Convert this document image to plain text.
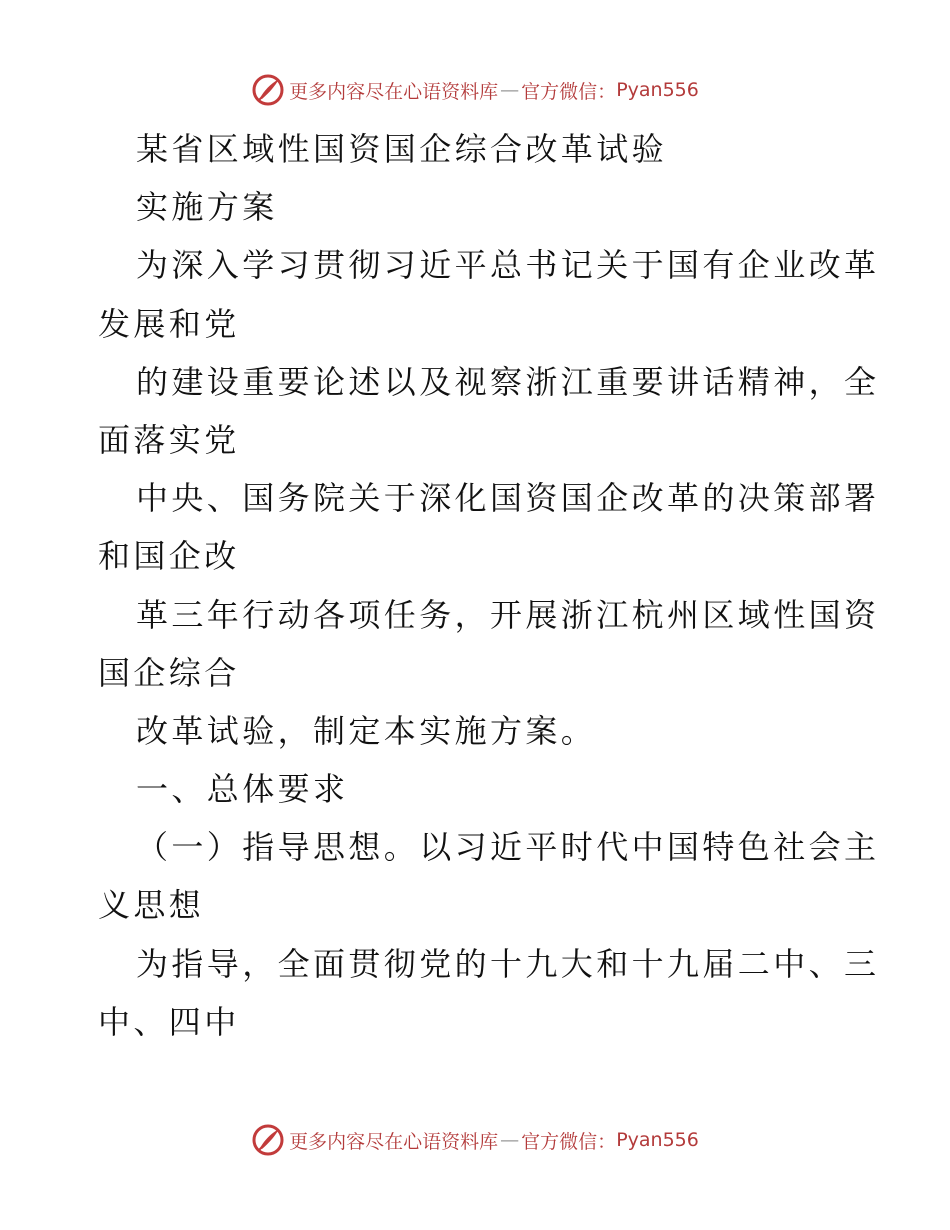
更多内容尽在心语资料库 — 官方微信： Pyan556
某省区域性国资国企综合改革试验
实施方案
为深入学习贯彻习近平总书记关于国有企业改革
发展和党
的建设重要论述以及视察浙江重要讲话精神，全
面落实党
中央、国务院关于深化国资国企改革的决策部署
和国企改
革三年行动各项任务，开展浙江杭州区域性国资
国企综合
改革试验，制定本实施方案。
一、总体要求
（一）指导思想。以习近平时代中国特色社会主
义思想
为指导，全面贯彻党的十九大和十九届二中、三
中、四中
更多内容尽在心语资料库 — 官方微信： Pyan556
